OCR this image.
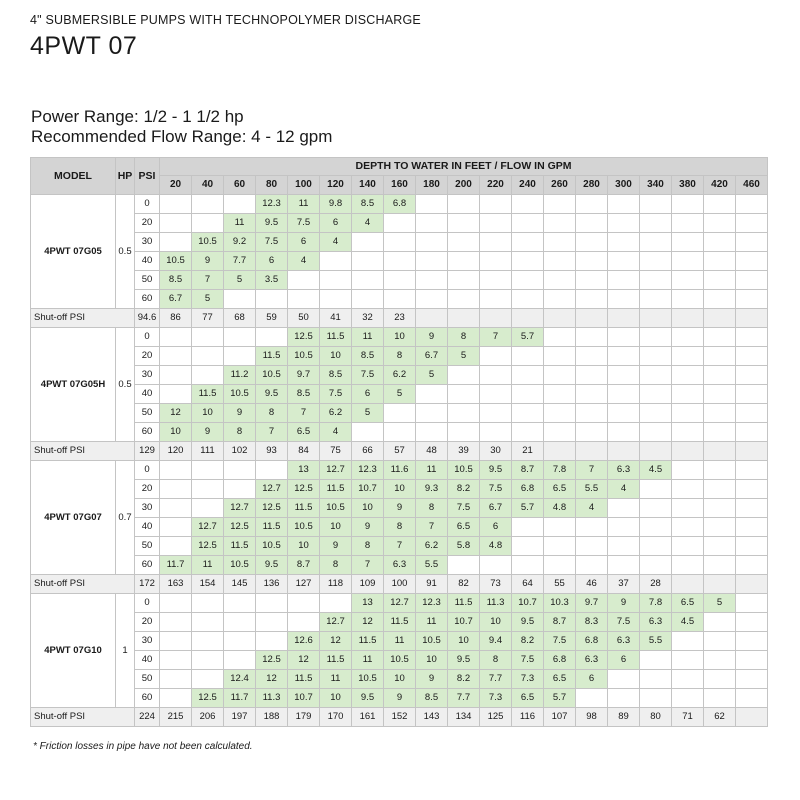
4" SUBMERSIBLE PUMPS WITH TECHNOPOLYMER DISCHARGE
4PWT 07
Power Range: 1/2 - 1 1/2 hp
Recommended Flow Range: 4 - 12 gpm
MODEL	HP	PSI	DEPTH TO WATER IN FEET / FLOW IN GPM																		
			20	40	60	80	100	120	140	160	180	200	220	240	260	280	300	340	380	420	460
4PWT 07G05	0.5	0				12.3	11	9.8	8.5	6.8											
		20			11	9.5	7.5	6	4												
		30		10.5	9.2	7.5	6	4													
		40	10.5	9	7.7	6	4														
		50	8.5	7	5	3.5															
		60	6.7	5																	
Shut-off PSI		94.6	86	77	68	59	50	41	32	23											
4PWT 07G05H	0.5	0					12.5	11.5	11	10	9	8	7	5.7							
		20				11.5	10.5	10	8.5	8	6.7	5									
		30			11.2	10.5	9.7	8.5	7.5	6.2	5										
		40		11.5	10.5	9.5	8.5	7.5	6	5											
		50	12	10	9	8	7	6.2	5												
		60	10	9	8	7	6.5	4													
Shut-off PSI		129	120	111	102	93	84	75	66	57	48	39	30	21							
4PWT 07G07	0.7	0					13	12.7	12.3	11.6	11	10.5	9.5	8.7	7.8	7	6.3	4.5			
		20				12.7	12.5	11.5	10.7	10	9.3	8.2	7.5	6.8	6.5	5.5	4				
		30			12.7	12.5	11.5	10.5	10	9	8	7.5	6.7	5.7	4.8	4					
		40		12.7	12.5	11.5	10.5	10	9	8	7	6.5	6								
		50		12.5	11.5	10.5	10	9	8	7	6.2	5.8	4.8								
		60	11.7	11	10.5	9.5	8.7	8	7	6.3	5.5										
Shut-off PSI		172	163	154	145	136	127	118	109	100	91	82	73	64	55	46	37	28			
4PWT 07G10	1	0							13	12.7	12.3	11.5	11.3	10.7	10.3	9.7	9	7.8	6.5	5	
		20						12.7	12	11.5	11	10.7	10	9.5	8.7	8.3	7.5	6.3	4.5		
		30					12.6	12	11.5	11	10.5	10	9.4	8.2	7.5	6.8	6.3	5.5			
		40				12.5	12	11.5	11	10.5	10	9.5	8	7.5	6.8	6.3	6				
		50			12.4	12	11.5	11	10.5	10	9	8.2	7.7	7.3	6.5	6					
		60		12.5	11.7	11.3	10.7	10	9.5	9	8.5	7.7	7.3	6.5	5.7						
Shut-off PSI		224	215	206	197	188	179	170	161	152	143	134	125	116	107	98	89	80	71	62	
* Friction losses in pipe have not been calculated.
